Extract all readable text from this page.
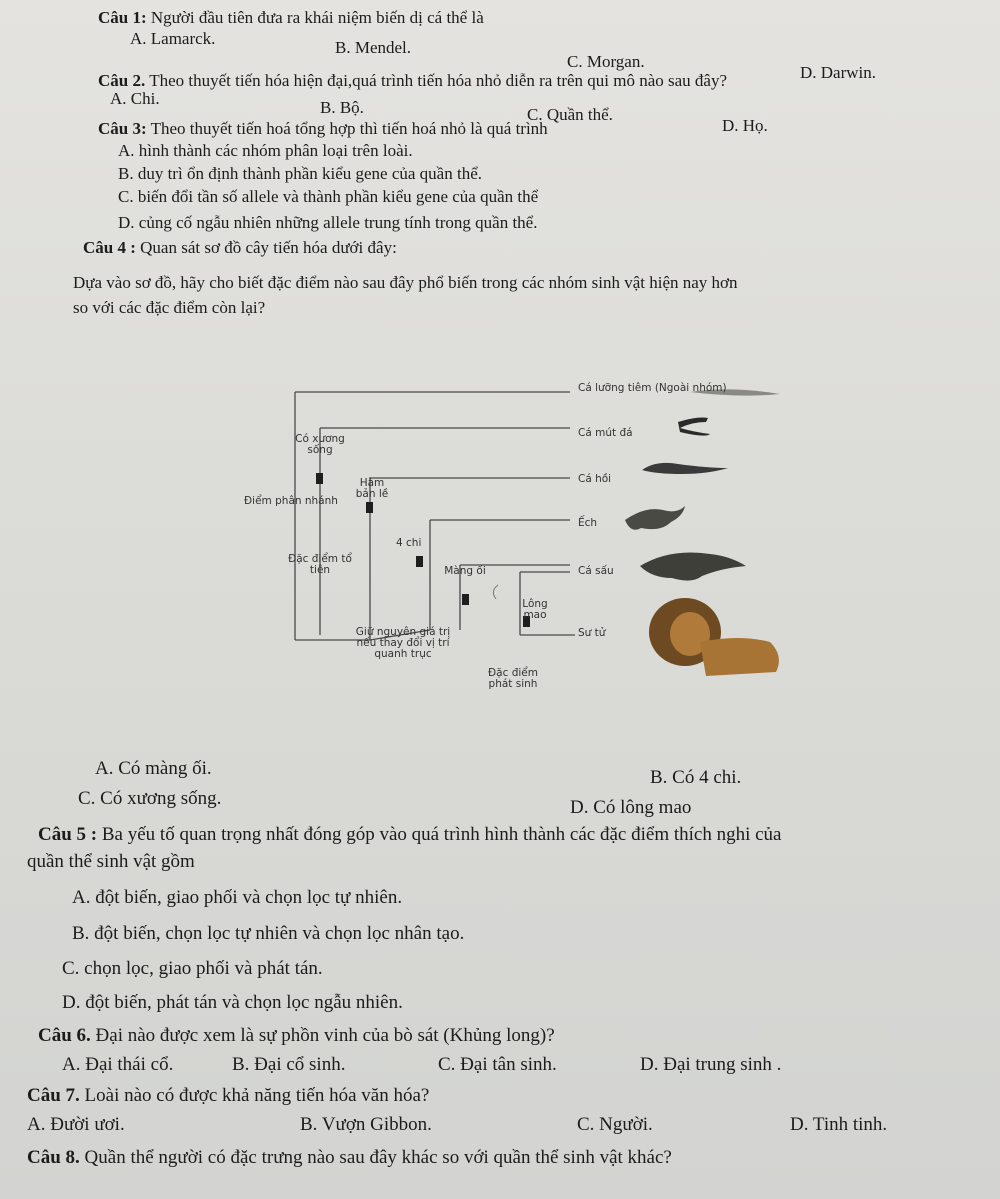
Câu 1: Người đầu tiên đưa ra khái niệm biến dị cá thể là
A. Lamarck.	B. Mendel.
C. Morgan.
D. Darwin.
Câu 2. Theo thuyết tiến hóa hiện đại,quá trình tiến hóa nhỏ diễn ra trên qui mô nào sau đây?
A. Chi.	B. Bộ.	C. Quần thể.
D. Họ.
Câu 3: Theo thuyết tiến hoá tổng hợp thì tiến hoá nhỏ là quá trình
A. hình thành các nhóm phân loại trên loài.
B. duy trì ổn định thành phần kiểu gene của quần thể.
C. biến đổi tần số allele và thành phần kiểu gene của quần thể
D. củng cố ngẫu nhiên những allele trung tính trong quần thể.
Câu 4 : Quan sát sơ đồ cây tiến hóa dưới đây:
Dựa vào sơ đồ, hãy cho biết đặc điểm nào sau đây phổ biến trong các nhóm sinh vật hiện nay hơn
so với các đặc điểm còn lại?
Cá lưỡng tiêm (Ngoài nhóm)
Cá mút đá
Cá hồi
Ếch
Cá sấu
Sư tử
Có xương sống
Hàm bản lề
4 chi
Màng ối
Lông mao
Điểm phân nhánh
Đặc điểm tổ tiên
Giữ nguyên giá trị nếu thay đổi vị trí quanh trục
Đặc điểm phát sinh
A. Có màng ối.	B. Có 4 chi.
C. Có xương sống.	D. Có lông mao
Câu 5 : Ba yếu tố quan trọng nhất đóng góp vào quá trình hình thành các đặc điểm thích nghi của
quần thể sinh vật gồm
A. đột biến, giao phối và chọn lọc tự nhiên.
B. đột biến, chọn lọc tự nhiên và chọn lọc nhân tạo.
C. chọn lọc, giao phối và phát tán.
D. đột biến, phát tán và chọn lọc ngẫu nhiên.
Câu 6. Đại nào được xem là sự phồn vinh của bò sát (Khủng long)?
A. Đại thái cổ.	B. Đại cổ sinh.	C. Đại tân sinh.	D. Đại trung sinh .
Câu 7. Loài nào có được khả năng tiến hóa văn hóa?
A. Đười ươi.	B. Vượn Gibbon.	C. Người.	D. Tinh tinh.
Câu 8. Quần thể người có đặc trưng nào sau đây khác so với quần thể sinh vật khác?
